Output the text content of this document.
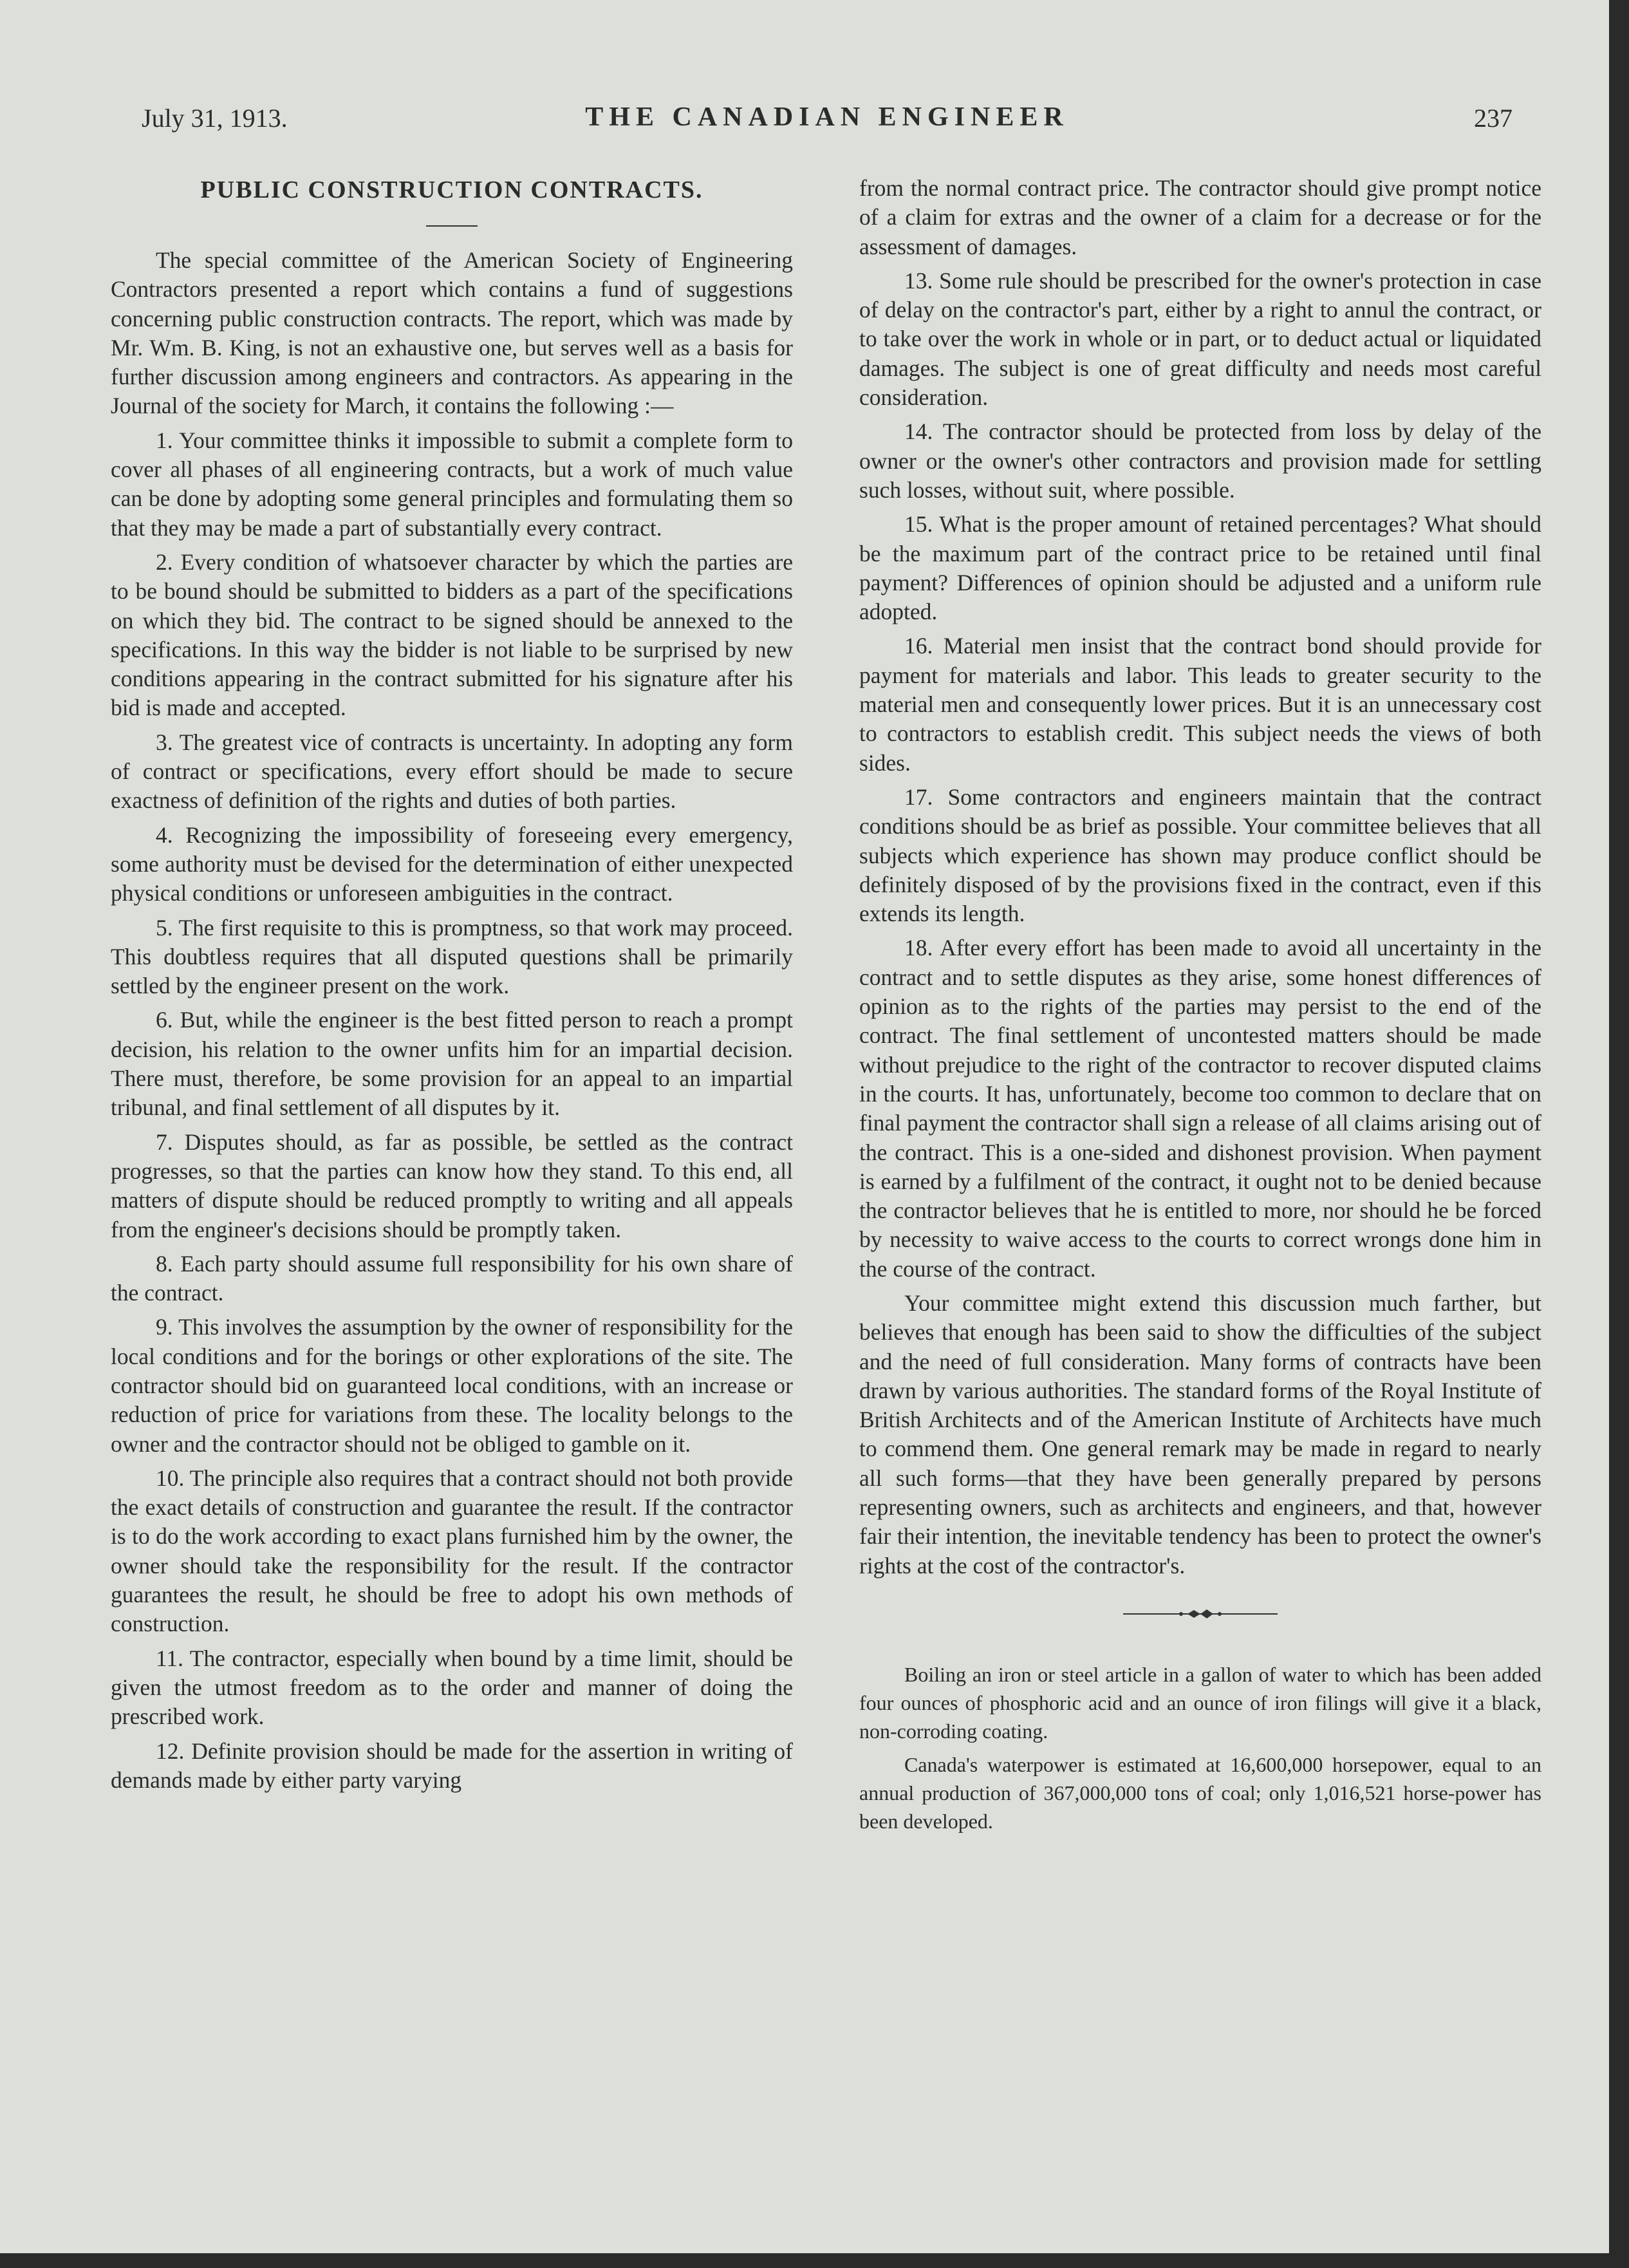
July 31, 1913.	THE CANADIAN ENGINEER	237
PUBLIC CONSTRUCTION CONTRACTS.

The special committee of the American Society of Engineering Contractors presented a report which contains a fund of suggestions concerning public construction contracts. The report, which was made by Mr. Wm. B. King, is not an exhaustive one, but serves well as a basis for further discussion among engineers and contractors. As appearing in the Journal of the society for March, it contains the following :—

1. Your committee thinks it impossible to submit a complete form to cover all phases of all engineering contracts, but a work of much value can be done by adopting some general principles and formulating them so that they may be made a part of substantially every contract.

2. Every condition of whatsoever character by which the parties are to be bound should be submitted to bidders as a part of the specifications on which they bid. The contract to be signed should be annexed to the specifications. In this way the bidder is not liable to be surprised by new conditions appearing in the contract submitted for his signature after his bid is made and accepted.

3. The greatest vice of contracts is uncertainty. In adopting any form of contract or specifications, every effort should be made to secure exactness of definition of the rights and duties of both parties.

4. Recognizing the impossibility of foreseeing every emergency, some authority must be devised for the determination of either unexpected physical conditions or unforeseen ambiguities in the contract.

5. The first requisite to this is promptness, so that work may proceed. This doubtless requires that all disputed questions shall be primarily settled by the engineer present on the work.

6. But, while the engineer is the best fitted person to reach a prompt decision, his relation to the owner unfits him for an impartial decision. There must, therefore, be some provision for an appeal to an impartial tribunal, and final settlement of all disputes by it.

7. Disputes should, as far as possible, be settled as the contract progresses, so that the parties can know how they stand. To this end, all matters of dispute should be reduced promptly to writing and all appeals from the engineer's decisions should be promptly taken.

8. Each party should assume full responsibility for his own share of the contract.

9. This involves the assumption by the owner of responsibility for the local conditions and for the borings or other explorations of the site. The contractor should bid on guaranteed local conditions, with an increase or reduction of price for variations from these. The locality belongs to the owner and the contractor should not be obliged to gamble on it.

10. The principle also requires that a contract should not both provide the exact details of construction and guarantee the result. If the contractor is to do the work according to exact plans furnished him by the owner, the owner should take the responsibility for the result. If the contractor guarantees the result, he should be free to adopt his own methods of construction.

11. The contractor, especially when bound by a time limit, should be given the utmost freedom as to the order and manner of doing the prescribed work.

12. Definite provision should be made for the assertion in writing of demands made by either party varying

from the normal contract price. The contractor should give prompt notice of a claim for extras and the owner of a claim for a decrease or for the assessment of damages.

13. Some rule should be prescribed for the owner's protection in case of delay on the contractor's part, either by a right to annul the contract, or to take over the work in whole or in part, or to deduct actual or liquidated damages. The subject is one of great difficulty and needs most careful consideration.

14. The contractor should be protected from loss by delay of the owner or the owner's other contractors and provision made for settling such losses, without suit, where possible.

15. What is the proper amount of retained percentages? What should be the maximum part of the contract price to be retained until final payment? Differences of opinion should be adjusted and a uniform rule adopted.

16. Material men insist that the contract bond should provide for payment for materials and labor. This leads to greater security to the material men and consequently lower prices. But it is an unnecessary cost to contractors to establish credit. This subject needs the views of both sides.

17. Some contractors and engineers maintain that the contract conditions should be as brief as possible. Your committee believes that all subjects which experience has shown may produce conflict should be definitely disposed of by the provisions fixed in the contract, even if this extends its length.

18. After every effort has been made to avoid all uncertainty in the contract and to settle disputes as they arise, some honest differences of opinion as to the rights of the parties may persist to the end of the contract. The final settlement of uncontested matters should be made without prejudice to the right of the contractor to recover disputed claims in the courts. It has, unfortunately, become too common to declare that on final payment the contractor shall sign a release of all claims arising out of the contract. This is a one-sided and dishonest provision. When payment is earned by a fulfilment of the contract, it ought not to be denied because the contractor believes that he is entitled to more, nor should he be forced by necessity to waive access to the courts to correct wrongs done him in the course of the contract.

Your committee might extend this discussion much farther, but believes that enough has been said to show the difficulties of the subject and the need of full consideration. Many forms of contracts have been drawn by various authorities. The standard forms of the Royal Institute of British Architects and of the American Institute of Architects have much to commend them. One general remark may be made in regard to nearly all such forms—that they have been generally prepared by persons representing owners, such as architects and engineers, and that, however fair their intention, the inevitable tendency has been to protect the owner's rights at the cost of the contractor's.

Boiling an iron or steel article in a gallon of water to which has been added four ounces of phosphoric acid and an ounce of iron filings will give it a black, non-corroding coating.

Canada's waterpower is estimated at 16,600,000 horsepower, equal to an annual production of 367,000,000 tons of coal; only 1,016,521 horse-power has been developed.
